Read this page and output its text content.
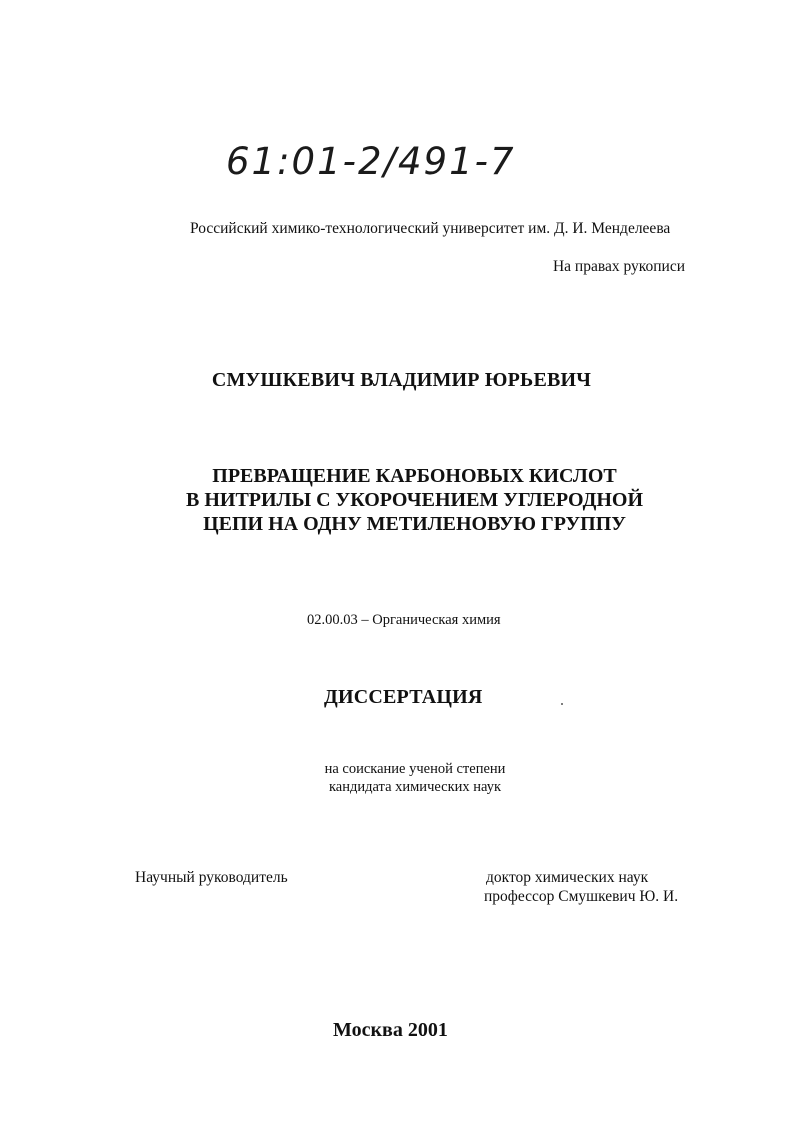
61:01-2/491-7
Российский химико-технологический университет им. Д. И. Менделеева
На правах рукописи
СМУШКЕВИЧ ВЛАДИМИР ЮРЬЕВИЧ
ПРЕВРАЩЕНИЕ КАРБОНОВЫХ КИСЛОТ
В НИТРИЛЫ С УКОРОЧЕНИЕМ УГЛЕРОДНОЙ
ЦЕПИ НА ОДНУ МЕТИЛЕНОВУЮ ГРУППУ
02.00.03 – Органическая химия
ДИССЕРТАЦИЯ
на соискание ученой степени
кандидата химических наук
Научный руководитель	доктор химических наук
профессор Смушкевич Ю. И.
Москва 2001
